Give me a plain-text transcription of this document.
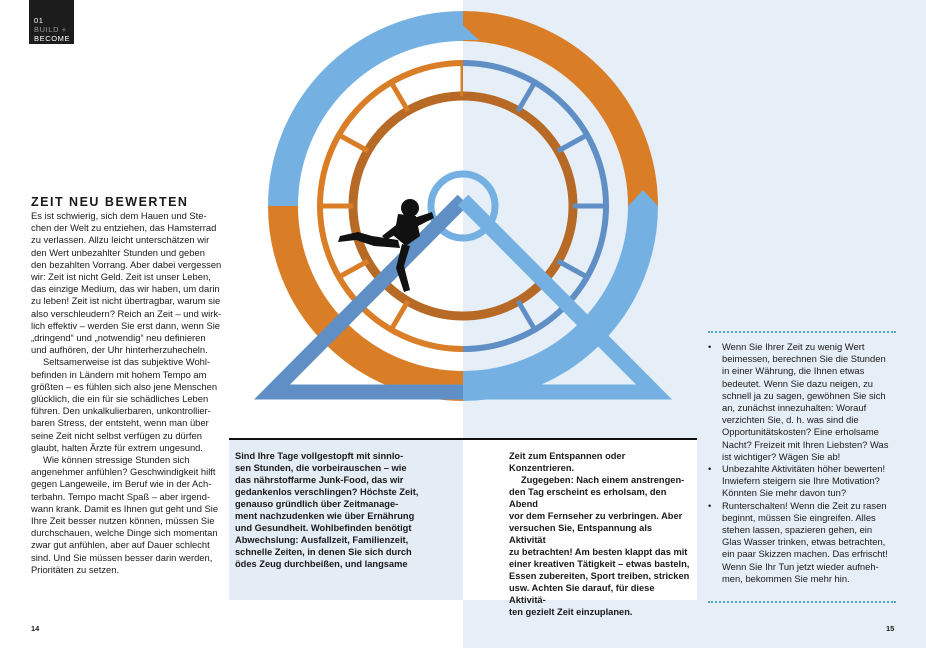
01
BUILD +
BECOME
ZEIT NEU BEWERTEN

Es ist schwierig, sich dem Hauen und Ste-
chen der Welt zu entziehen, das Hamsterrad
zu verlassen. Allzu leicht unterschätzen wir
den Wert unbezahlter Stunden und geben
den bezahlten Vorrang. Aber dabei vergessen
wir: Zeit ist nicht Geld. Zeit ist unser Leben,
das einzige Medium, das wir haben, um darin
zu leben! Zeit ist nicht übertragbar, warum sie
also verschleudern? Reich an Zeit – und wirk-
lich effektiv – werden Sie erst dann, wenn Sie
„dringend“ und „notwendig“ neu definieren
und aufhören, der Uhr hinterherzuhecheln.

Seltsamerweise ist das subjektive Wohl-
befinden in Ländern mit hohem Tempo am
größten – es fühlen sich also jene Menschen
glücklich, die ein für sie schädliches Leben
führen. Den unkalkulierbaren, unkontrollier-
baren Stress, der entsteht, wenn man über
seine Zeit nicht selbst verfügen zu dürfen
glaubt, halten Ärzte für extrem ungesund.

Wie können stressige Stunden sich
angenehmer anfühlen? Geschwindigkeit hilft
gegen Langeweile, im Beruf wie in der Ach-
terbahn. Tempo macht Spaß – aber irgend-
wann krank. Damit es Ihnen gut geht und Sie
Ihre Zeit besser nutzen können, müssen Sie
durchschauen, welche Dinge sich momentan
zwar gut anfühlen, aber auf Dauer schlecht
sind. Und Sie müssen besser darin werden,
Prioritäten zu setzen.

Sind Ihre Tage vollgestopft mit sinnlo-
sen Stunden, die vorbeirauschen – wie
das nährstoffarme Junk-Food, das wir
gedankenlos verschlingen? Höchste Zeit,
genauso gründlich über Zeitmanage-
ment nachzudenken wie über Ernährung
und Gesundheit. Wohlbefinden benötigt
Abwechslung: Ausfallzeit, Familienzeit,
schnelle Zeiten, in denen Sie sich durch
ödes Zeug durchbeißen, und langsame

Zeit zum Entspannen oder Konzentrieren.

Zugegeben: Nach einem anstrengen-
den Tag erscheint es erholsam, den Abend
vor dem Fernseher zu verbringen. Aber
versuchen Sie, Entspannung als Aktivität
zu betrachten! Am besten klappt das mit
einer kreativen Tätigkeit – etwas basteln,
Essen zubereiten, Sport treiben, stricken
usw. Achten Sie darauf, für diese Aktivitä-
ten gezielt Zeit einzuplanen.

• Wenn Sie Ihrer Zeit zu wenig Wert
beimessen, berechnen Sie die Stunden
in einer Währung, die Ihnen etwas
bedeutet. Wenn Sie dazu neigen, zu
schnell ja zu sagen, gewöhnen Sie sich
an, zunächst innezuhalten: Worauf
verzichten Sie, d. h. was sind die
Opportunitätskosten? Eine erholsame
Nacht? Freizeit mit Ihren Liebsten? Was
ist wichtiger? Wägen Sie ab!
• Unbezahlte Aktivitäten höher bewerten!
Inwiefern steigern sie Ihre Motivation?
Könnten Sie mehr davon tun?
• Runterschalten! Wenn die Zeit zu rasen
beginnt, müssen Sie eingreifen. Alles
stehen lassen, spazieren gehen, ein
Glas Wasser trinken, etwas betrachten,
ein paar Skizzen machen. Das erfrischt!
Wenn Sie Ihr Tun jetzt wieder aufneh-
men, bekommen Sie mehr hin.
14	15
